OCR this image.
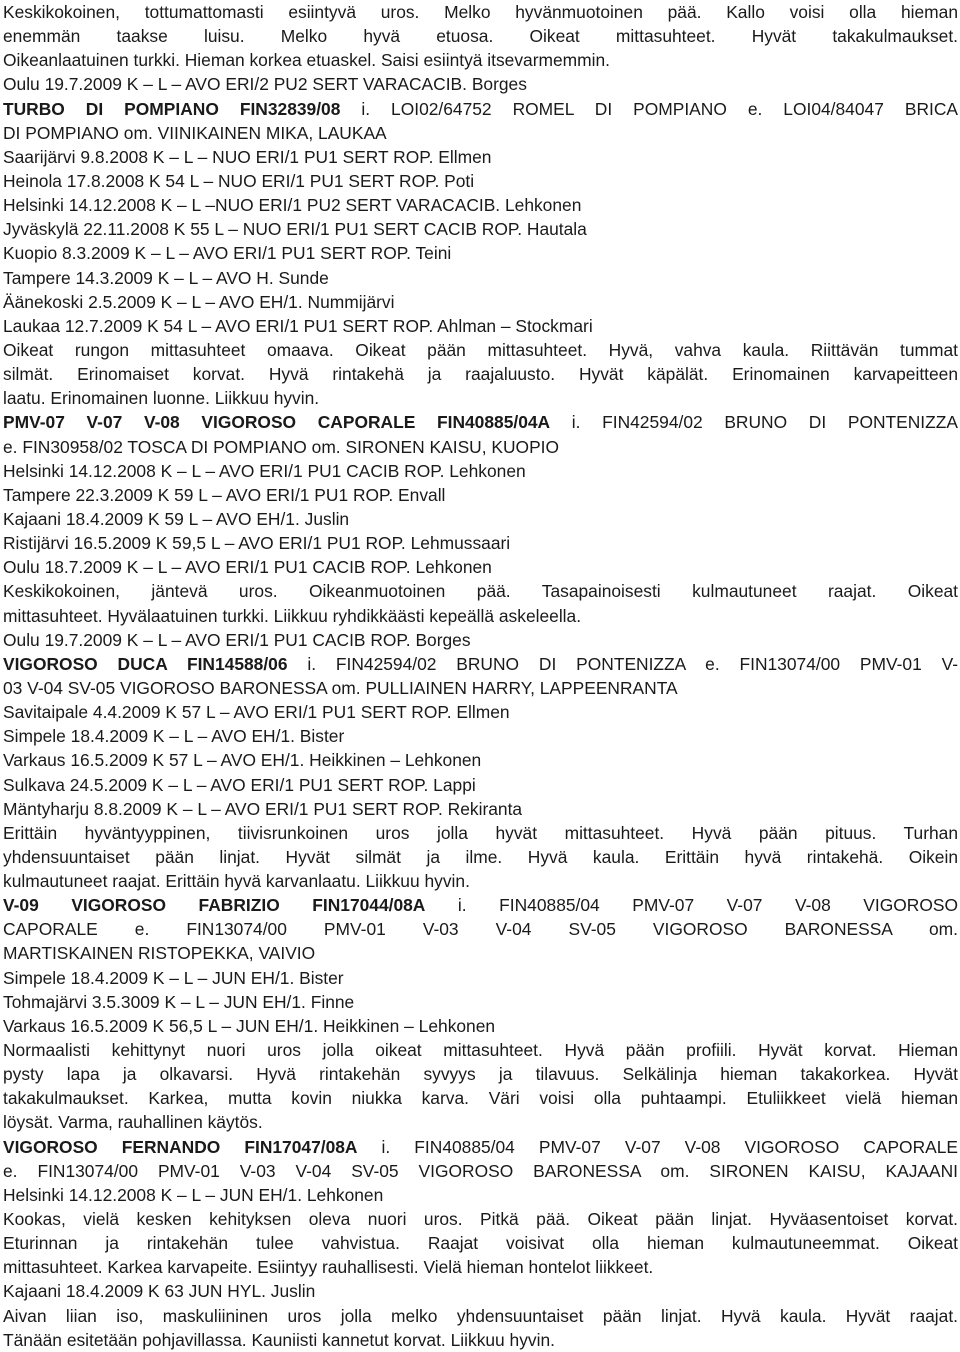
Keskikokoinen, tottumattomasti esiintyvä uros. Melko hyvänmuotoinen pää. Kallo voisi olla hieman
enemmän taakse luisu. Melko hyvä etuosa. Oikeat mittasuhteet. Hyvät takakulmaukset.
Oikeanlaatuinen turkki. Hieman korkea etuaskel. Saisi esiintyä itsevarmemmin.
Oulu 19.7.2009 K – L – AVO ERI/2 PU2 SERT VARACACIB. Borges
TURBO DI POMPIANO FIN32839/08 i. LOI02/64752 ROMEL DI POMPIANO e. LOI04/84047 BRICA
DI POMPIANO om. VIINIKAINEN MIKA, LAUKAA
Saarijärvi 9.8.2008 K – L – NUO ERI/1 PU1 SERT ROP. Ellmen
Heinola 17.8.2008 K 54 L – NUO ERI/1 PU1 SERT ROP. Poti
Helsinki 14.12.2008 K – L –NUO ERI/1 PU2 SERT VARACACIB. Lehkonen
Jyväskylä 22.11.2008 K 55 L – NUO ERI/1 PU1 SERT CACIB ROP. Hautala
Kuopio 8.3.2009 K – L – AVO ERI/1 PU1 SERT ROP. Teini
Tampere 14.3.2009 K – L – AVO H. Sunde
Äänekoski 2.5.2009 K – L – AVO EH/1. Nummijärvi
Laukaa 12.7.2009 K 54 L – AVO ERI/1 PU1 SERT ROP. Ahlman – Stockmari
Oikeat rungon mittasuhteet omaava. Oikeat pään mittasuhteet. Hyvä, vahva kaula. Riittävän tummat
silmät. Erinomaiset korvat. Hyvä rintakehä ja raajaluusto. Hyvät käpälät. Erinomainen karvapeitteen
laatu. Erinomainen luonne. Liikkuu hyvin.
PMV-07 V-07 V-08 VIGOROSO CAPORALE FIN40885/04A i. FIN42594/02 BRUNO DI PONTENIZZA
e. FIN30958/02 TOSCA DI POMPIANO om. SIRONEN KAISU, KUOPIO
Helsinki 14.12.2008 K – L – AVO ERI/1 PU1 CACIB ROP. Lehkonen
Tampere 22.3.2009 K 59 L – AVO ERI/1 PU1 ROP. Envall
Kajaani 18.4.2009 K 59 L – AVO EH/1. Juslin
Ristijärvi 16.5.2009 K 59,5 L – AVO ERI/1 PU1 ROP. Lehmussaari
Oulu 18.7.2009 K – L – AVO ERI/1 PU1 CACIB ROP. Lehkonen
Keskikokoinen, jäntevä uros. Oikeanmuotoinen pää. Tasapainoisesti kulmautuneet raajat. Oikeat
mittasuhteet. Hyvälaatuinen turkki. Liikkuu ryhdikkäästi kepeällä askeleella.
Oulu 19.7.2009 K – L – AVO ERI/1 PU1 CACIB ROP. Borges
VIGOROSO DUCA FIN14588/06 i. FIN42594/02 BRUNO DI PONTENIZZA e. FIN13074/00 PMV-01 V-
03 V-04 SV-05 VIGOROSO BARONESSA om. PULLIAINEN HARRY, LAPPEENRANTA
Savitaipale 4.4.2009 K 57 L – AVO ERI/1 PU1 SERT ROP. Ellmen
Simpele 18.4.2009 K – L – AVO EH/1. Bister
Varkaus 16.5.2009 K 57 L – AVO EH/1. Heikkinen – Lehkonen
Sulkava 24.5.2009 K – L – AVO ERI/1 PU1 SERT ROP. Lappi
Mäntyharju 8.8.2009 K – L – AVO ERI/1 PU1 SERT ROP. Rekiranta
Erittäin hyväntyyppinen, tiivisrunkoinen uros jolla hyvät mittasuhteet. Hyvä pään pituus. Turhan
yhdensuuntaiset pään linjat. Hyvät silmät ja ilme. Hyvä kaula. Erittäin hyvä rintakehä. Oikein
kulmautuneet raajat. Erittäin hyvä karvanlaatu. Liikkuu hyvin.
V-09 VIGOROSO FABRIZIO FIN17044/08A i. FIN40885/04 PMV-07 V-07 V-08 VIGOROSO
CAPORALE e. FIN13074/00 PMV-01 V-03 V-04 SV-05 VIGOROSO BARONESSA om.
MARTISKAINEN RISTOPEKKA, VAIVIO
Simpele 18.4.2009 K – L – JUN EH/1. Bister
Tohmajärvi 3.5.3009 K – L – JUN EH/1. Finne
Varkaus 16.5.2009 K 56,5 L – JUN EH/1. Heikkinen – Lehkonen
Normaalisti kehittynyt nuori uros jolla oikeat mittasuhteet. Hyvä pään profiili. Hyvät korvat. Hieman
pysty lapa ja olkavarsi. Hyvä rintakehän syvyys ja tilavuus. Selkälinja hieman takakorkea. Hyvät
takakulmaukset. Karkea, mutta kovin niukka karva. Väri voisi olla puhtaampi. Etuliikkeet vielä hieman
löysät. Varma, rauhallinen käytös.
VIGOROSO FERNANDO FIN17047/08A i. FIN40885/04 PMV-07 V-07 V-08 VIGOROSO CAPORALE
e. FIN13074/00 PMV-01 V-03 V-04 SV-05 VIGOROSO BARONESSA om. SIRONEN KAISU, KAJAANI
Helsinki 14.12.2008 K – L – JUN EH/1. Lehkonen
Kookas, vielä kesken kehityksen oleva nuori uros. Pitkä pää. Oikeat pään linjat. Hyväasentoiset korvat.
Eturinnan ja rintakehän tulee vahvistua. Raajat voisivat olla hieman kulmautuneemmat. Oikeat
mittasuhteet. Karkea karvapeite. Esiintyy rauhallisesti. Vielä hieman hontelot liikkeet.
Kajaani 18.4.2009 K 63 JUN HYL. Juslin
Aivan liian iso, maskuliininen uros jolla melko yhdensuuntaiset pään linjat. Hyvä kaula. Hyvät raajat.
Tänään esitetään pohjavillassa. Kauniisti kannetut korvat. Liikkuu hyvin.
